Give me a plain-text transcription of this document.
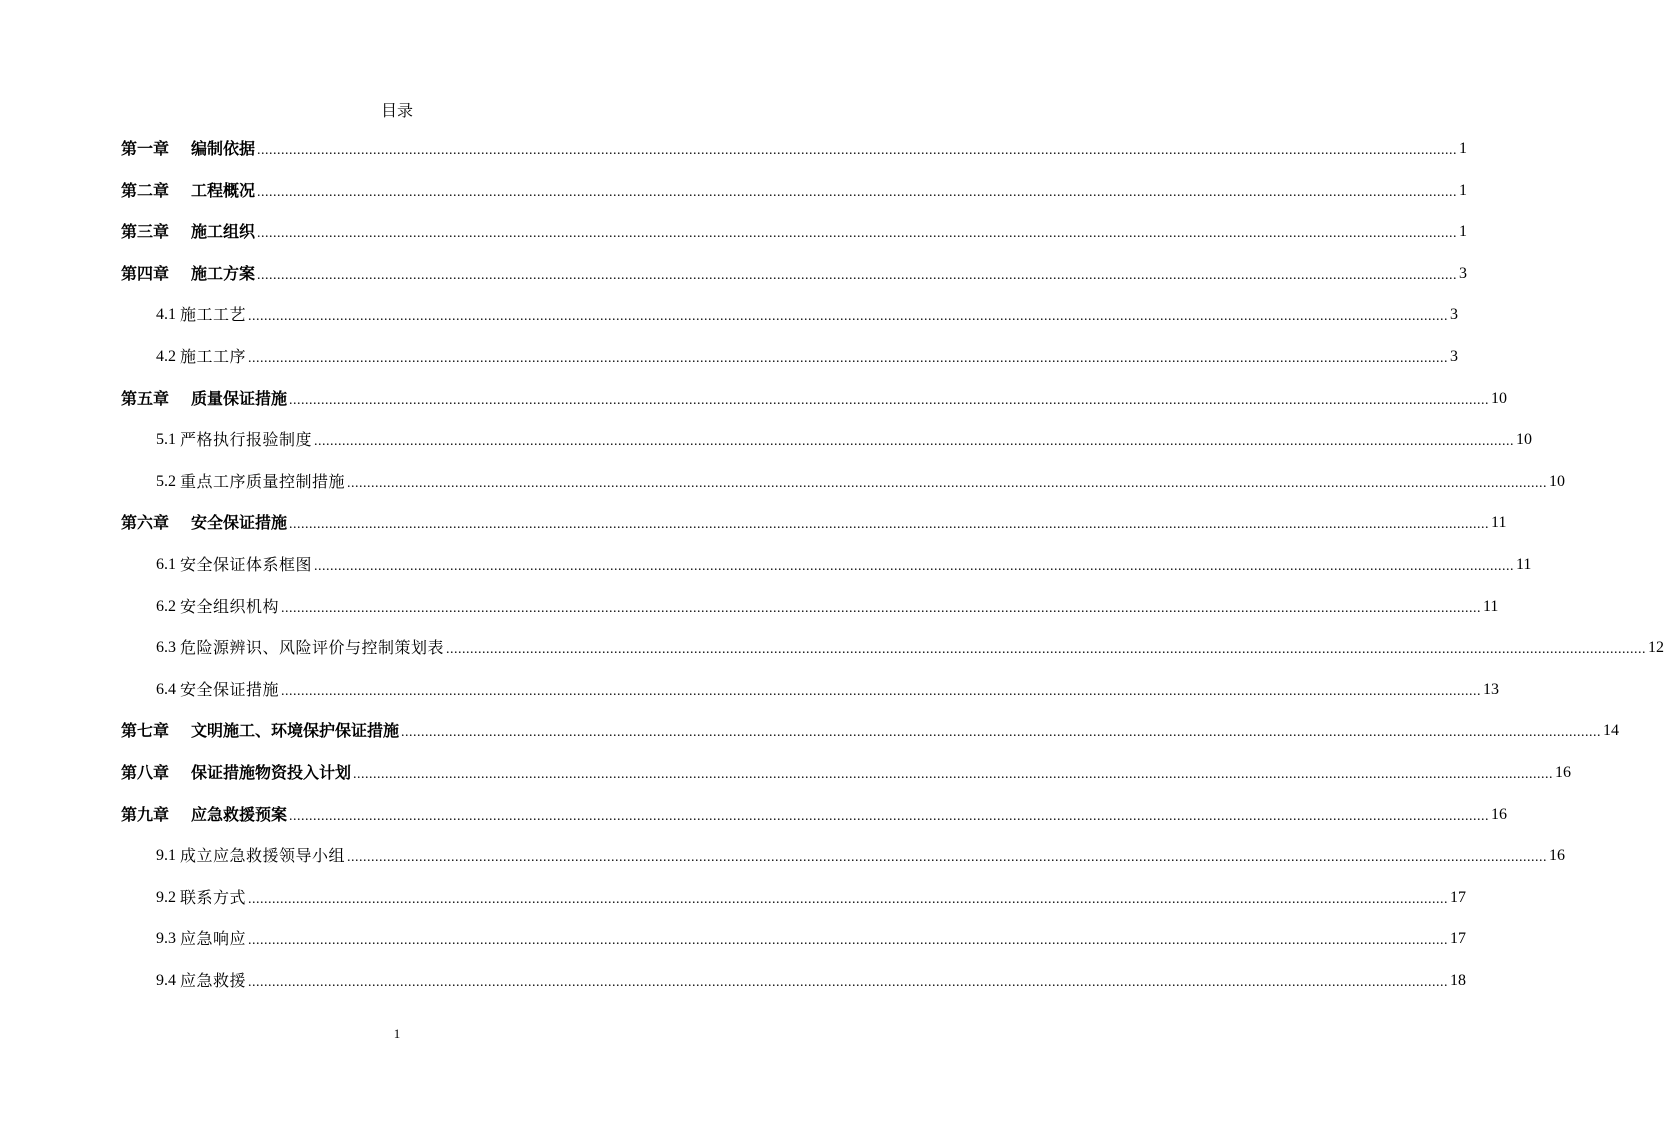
目录
第一章 编制依据 ............................................................................................................................................................................................................................................................................................................ 1
第二章 工程概况 ............................................................................................................................................................................................................................................................................................................ 1
第三章 施工组织 ............................................................................................................................................................................................................................................................................................................ 1
第四章 施工方案 ............................................................................................................................................................................................................................................................................................................ 3
4.1 施工工艺 ............................................................................................................................................................................................................................................................................................................ 3
4.2 施工工序 ............................................................................................................................................................................................................................................................................................................ 3
第五章 质量保证措施 ............................................................................................................................................................................................................................................................................................................ 10
5.1 严格执行报验制度 ............................................................................................................................................................................................................................................................................................................ 10
5.2 重点工序质量控制措施 ............................................................................................................................................................................................................................................................................................................ 10
第六章 安全保证措施 ............................................................................................................................................................................................................................................................................................................ 11
6.1 安全保证体系框图 ............................................................................................................................................................................................................................................................................................................ 11
6.2 安全组织机构 ............................................................................................................................................................................................................................................................................................................ 11
6.3 危险源辨识、风险评价与控制策划表 ............................................................................................................................................................................................................................................................................................................ 12
6.4 安全保证措施 ............................................................................................................................................................................................................................................................................................................ 13
第七章 文明施工、环境保护保证措施 ............................................................................................................................................................................................................................................................................................................ 14
第八章 保证措施物资投入计划 ............................................................................................................................................................................................................................................................................................................ 16
第九章 应急救援预案 ............................................................................................................................................................................................................................................................................................................ 16
9.1 成立应急救援领导小组 ............................................................................................................................................................................................................................................................................................................ 16
9.2 联系方式 ............................................................................................................................................................................................................................................................................................................ 17
9.3 应急响应 ............................................................................................................................................................................................................................................................................................................ 17
9.4 应急救援 ............................................................................................................................................................................................................................................................................................................ 18
1
